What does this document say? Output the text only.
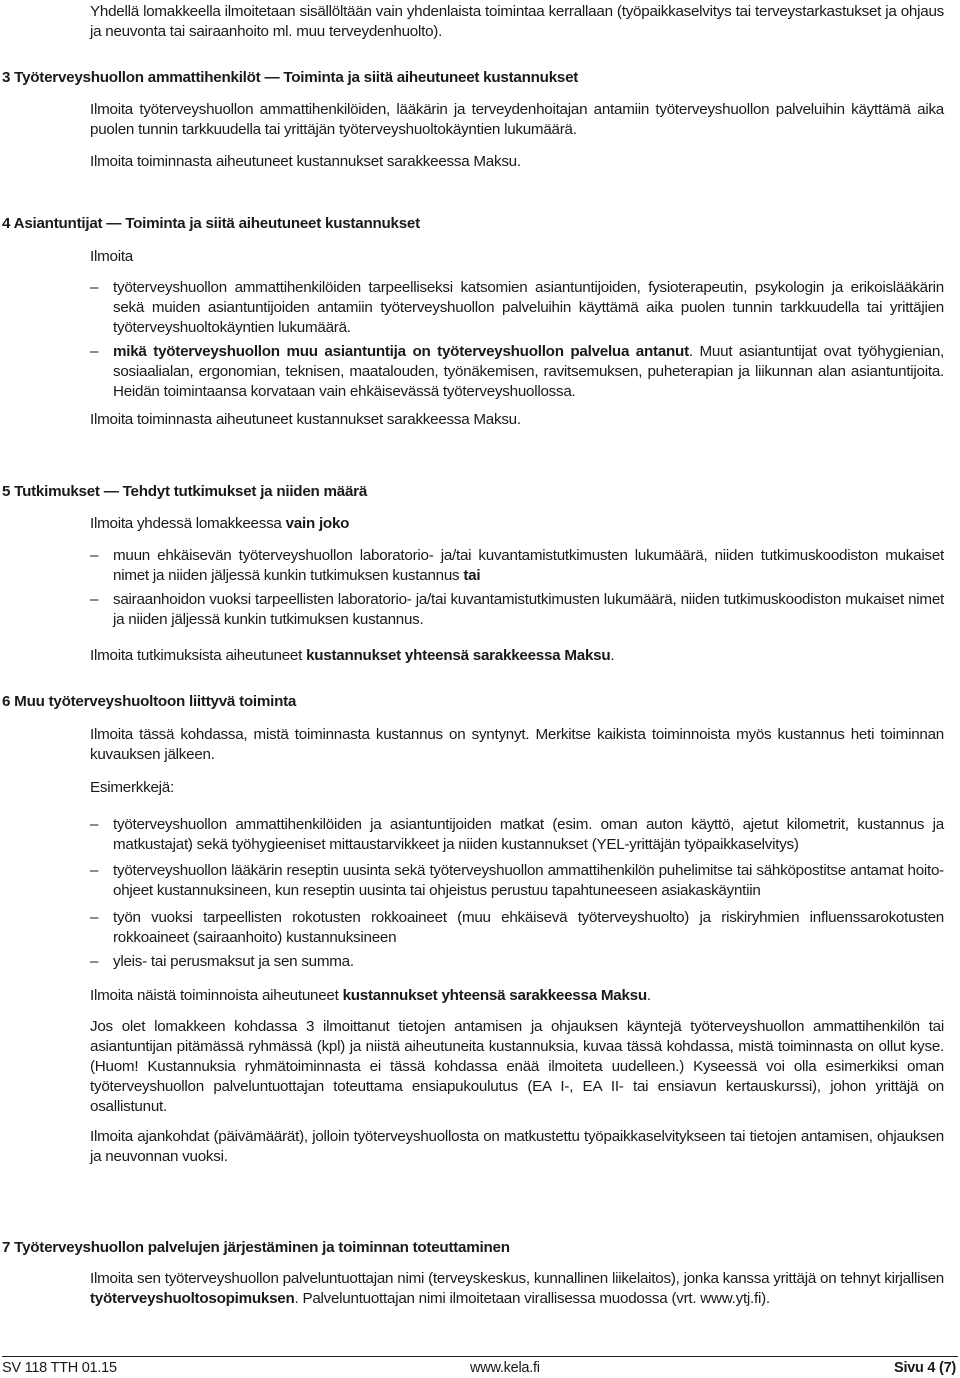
Yhdellä lomakkeella ilmoitetaan sisällöltään vain yhdenlaista toimintaa kerrallaan (työpaikkaselvitys tai terveystarkastukset ja ohjaus ja neuvonta tai sairaanhoito ml. muu terveydenhuolto).

3 Työterveyshuollon ammattihenkilöt — Toiminta ja siitä aiheutuneet kustannukset

Ilmoita työterveyshuollon ammattihenkilöiden, lääkärin ja terveydenhoitajan antamiin työterveyshuollon palveluihin käyttämä aika puolen tunnin tarkkuudella tai yrittäjän työterveyshuoltokäyntien lukumäärä.

Ilmoita toiminnasta aiheutuneet kustannukset sarakkeessa Maksu.

4 Asiantuntijat — Toiminta ja siitä aiheutuneet kustannukset

Ilmoita

– työterveyshuollon ammattihenkilöiden tarpeelliseksi katsomien asiantuntijoiden, fysioterapeutin, psykologin ja erikoislääkärin sekä muiden asiantuntijoiden antamiin työterveyshuollon palveluihin käyttämä aika puolen tunnin tarkkuudella tai yrittäjien työterveyshuoltokäyntien lukumäärä.

– mikä työterveyshuollon muu asiantuntija on työterveyshuollon palvelua antanut. Muut asiantuntijat ovat työhygienian, sosiaalialan, ergonomian, teknisen, maatalouden, työnäkemisen, ravitsemuksen, puheterapian ja liikunnan alan asiantuntijoita. Heidän toimintaansa korvataan vain ehkäisevässä työterveyshuollossa.

Ilmoita toiminnasta aiheutuneet kustannukset sarakkeessa Maksu.

5 Tutkimukset — Tehdyt tutkimukset ja niiden määrä

Ilmoita yhdessä lomakkeessa vain joko

– muun ehkäisevän työterveyshuollon laboratorio- ja/tai kuvantamistutkimusten lukumäärä, niiden tutkimuskoodiston mukaiset nimet ja niiden jäljessä kunkin tutkimuksen kustannus tai

– sairaanhoidon vuoksi tarpeellisten laboratorio- ja/tai kuvantamistutkimusten lukumäärä, niiden tutkimuskoodiston mukaiset nimet ja niiden jäljessä kunkin tutkimuksen kustannus.

Ilmoita tutkimuksista aiheutuneet kustannukset yhteensä sarakkeessa Maksu.

6 Muu työterveyshuoltoon liittyvä toiminta

Ilmoita tässä kohdassa, mistä toiminnasta kustannus on syntynyt. Merkitse kaikista toiminnoista myös kustannus heti toiminnan kuvauksen jälkeen.

Esimerkkejä:

– työterveyshuollon ammattihenkilöiden ja asiantuntijoiden matkat (esim. oman auton käyttö, ajetut kilometrit, kustannus ja matkustajat) sekä työhygieeniset mittaustarvikkeet ja niiden kustannukset (YEL-yrittäjän työpaikkaselvitys)

– työterveyshuollon lääkärin reseptin uusinta sekä työterveyshuollon ammattihenkilön puhelimitse tai sähköpostitse antamat hoito-ohjeet kustannuksineen, kun reseptin uusinta tai ohjeistus perustuu tapahtuneeseen asiakaskäyntiin

– työn vuoksi tarpeellisten rokotusten rokkoaineet (muu ehkäisevä työterveyshuolto) ja riskiryhmien influenssarokotusten rokkoaineet (sairaanhoito) kustannuksineen

– yleis- tai perusmaksut ja sen summa.

Ilmoita näistä toiminnoista aiheutuneet kustannukset yhteensä sarakkeessa Maksu.

Jos olet lomakkeen kohdassa 3 ilmoittanut tietojen antamisen ja ohjauksen käyntejä työterveyshuollon ammattihenkilön tai asiantuntijan pitämässä ryhmässä (kpl) ja niistä aiheutuneita kustannuksia, kuvaa tässä kohdassa, mistä toiminnasta on ollut kyse. (Huom! Kustannuksia ryhmätoiminnasta ei tässä kohdassa enää ilmoiteta uudelleen.) Kyseessä voi olla esimerkiksi oman työterveyshuollon palveluntuottajan toteuttama ensiapukoulutus (EA I-, EA II- tai ensiavun kertauskurssi), johon yrittäjä on osallistunut.

Ilmoita ajankohdat (päivämäärät), jolloin työterveyshuollosta on matkustettu työpaikkaselvitykseen tai tietojen antamisen, ohjauksen ja neuvonnan vuoksi.

7 Työterveyshuollon palvelujen järjestäminen ja toiminnan toteuttaminen

Ilmoita sen työterveyshuollon palveluntuottajan nimi (terveyskeskus, kunnallinen liikelaitos), jonka kanssa yrittäjä on tehnyt kirjallisen työterveyshuoltosopimuksen. Palveluntuottajan nimi ilmoitetaan virallisessa muodossa (vrt. www.ytj.fi).

SV 118 TTH 01.15	www.kela.fi	Sivu 4 (7)
